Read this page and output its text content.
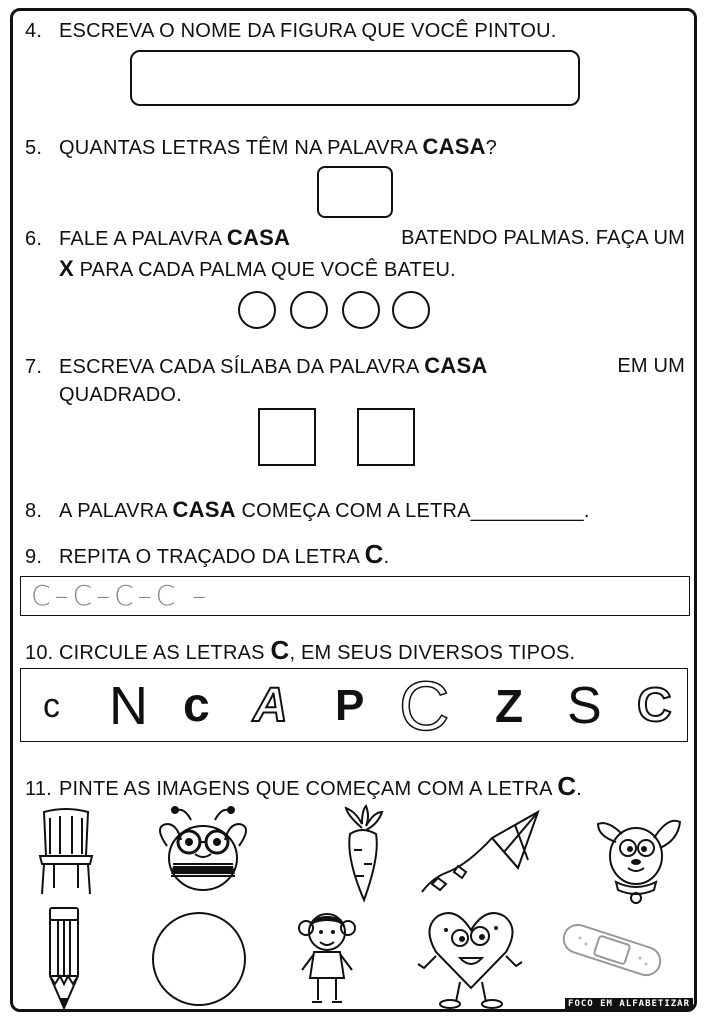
4. ESCREVA O NOME DA FIGURA QUE VOCÊ PINTOU.
5. QUANTAS LETRAS TÊM NA PALAVRA CASA?
6. FALE A PALAVRA CASA	BATENDO PALMAS. FAÇA UM
X PARA CADA PALMA QUE VOCÊ BATEU.
7. ESCREVA CADA SÍLABA DA PALAVRA CASA	EM UM
QUADRADO.
8. A PALAVRA CASA COMEÇA COM A LETRA__________.
9. REPITA O TRAÇADO DA LETRA C.
C–C–C–C –
10. CIRCULE AS LETRAS C, EM SEUS DIVERSOS TIPOS.
c N c A P C Z S C
11. PINTE AS IMAGENS QUE COMEÇAM COM A LETRA C.
FOCO EM ALFABETIZAR
